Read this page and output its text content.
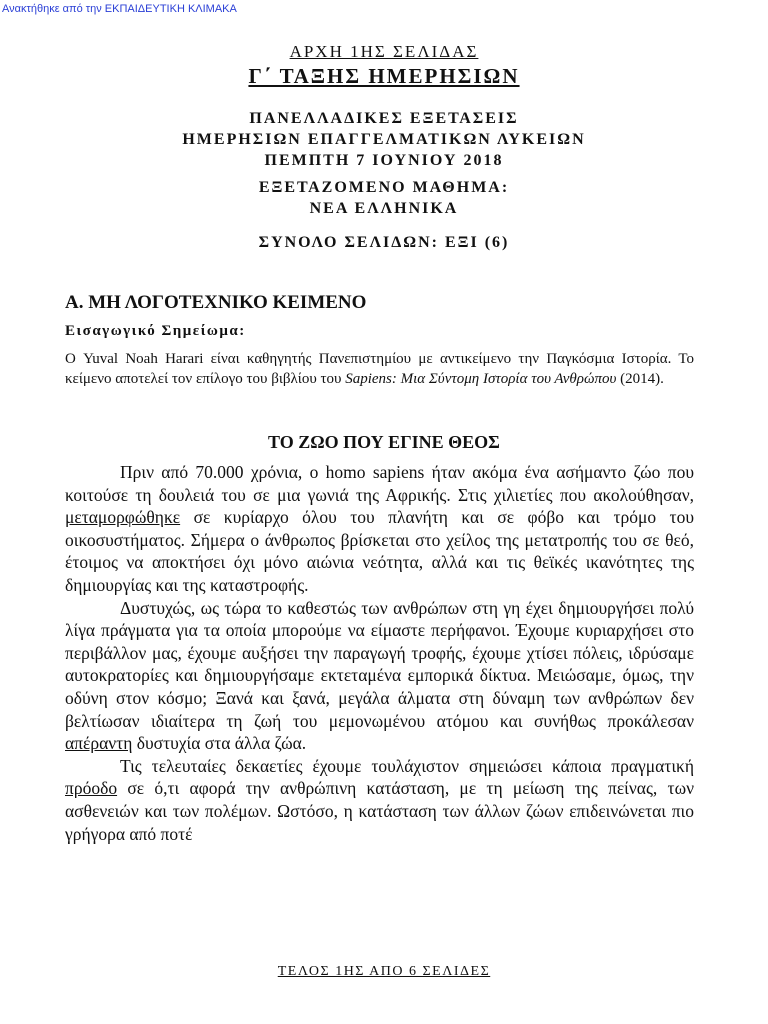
Ανακτήθηκε από την ΕΚΠΑΙΔΕΥΤΙΚΗ ΚΛΙΜΑΚΑ
ΑΡΧΗ 1ΗΣ ΣΕΛΙΔΑΣ
Γ΄ ΤΑΞΗΣ ΗΜΕΡΗΣΙΩΝ
ΠΑΝΕΛΛΑΔΙΚΕΣ ΕΞΕΤΑΣΕΙΣ
ΗΜΕΡΗΣΙΩΝ ΕΠΑΓΓΕΛΜΑΤΙΚΩΝ ΛΥΚΕΙΩΝ
ΠΕΜΠΤΗ 7 ΙΟΥΝΙΟΥ 2018
ΕΞΕΤΑΖΟΜΕΝΟ ΜΑΘΗΜΑ:
ΝΕΑ ΕΛΛΗΝΙΚΑ
ΣΥΝΟΛΟ ΣΕΛΙΔΩΝ: ΕΞΙ (6)
Α. ΜΗ ΛΟΓΟΤΕΧΝΙΚΟ ΚΕΙΜΕΝΟ
Εισαγωγικό Σημείωμα:
Ο Yuval Noah Harari είναι καθηγητής Πανεπιστημίου με αντικείμενο την Παγκόσμια Ιστορία. Το κείμενο αποτελεί τον επίλογο του βιβλίου του Sapiens: Μια Σύντομη Ιστορία του Ανθρώπου (2014).
ΤΟ ΖΩΟ ΠΟΥ ΕΓΙΝΕ ΘΕΟΣ

Πριν από 70.000 χρόνια, ο homo sapiens ήταν ακόμα ένα ασήμαντο ζώο που κοιτούσε τη δουλειά του σε μια γωνιά της Αφρικής. Στις χιλιετίες που ακολούθησαν, μεταμορφώθηκε σε κυρίαρχο όλου του πλανήτη και σε φόβο και τρόμο του οικοσυστήματος. Σήμερα ο άνθρωπος βρίσκεται στο χείλος της μετατροπής του σε θεό, έτοιμος να αποκτήσει όχι μόνο αιώνια νεότητα, αλλά και τις θεϊκές ικανότητες της δημιουργίας και της καταστροφής.

Δυστυχώς, ως τώρα το καθεστώς των ανθρώπων στη γη έχει δημιουργήσει πολύ λίγα πράγματα για τα οποία μπορούμε να είμαστε περήφανοι. Έχουμε κυριαρχήσει στο περιβάλλον μας, έχουμε αυξήσει την παραγωγή τροφής, έχουμε χτίσει πόλεις, ιδρύσαμε αυτοκρατορίες και δημιουργήσαμε εκτεταμένα εμπορικά δίκτυα. Μειώσαμε, όμως, την οδύνη στον κόσμο; Ξανά και ξανά, μεγάλα άλματα στη δύναμη των ανθρώπων δεν βελτίωσαν ιδιαίτερα τη ζωή του μεμονωμένου ατόμου και συνήθως προκάλεσαν απέραντη δυστυχία στα άλλα ζώα.

Τις τελευταίες δεκαετίες έχουμε τουλάχιστον σημειώσει κάποια πραγματική πρόοδο σε ό,τι αφορά την ανθρώπινη κατάσταση, με τη μείωση της πείνας, των ασθενειών και των πολέμων. Ωστόσο, η κατάσταση των άλλων ζώων επιδεινώνεται πιο γρήγορα από ποτέ

ΤΕΛΟΣ 1ΗΣ ΑΠΟ 6 ΣΕΛΙΔΕΣ
